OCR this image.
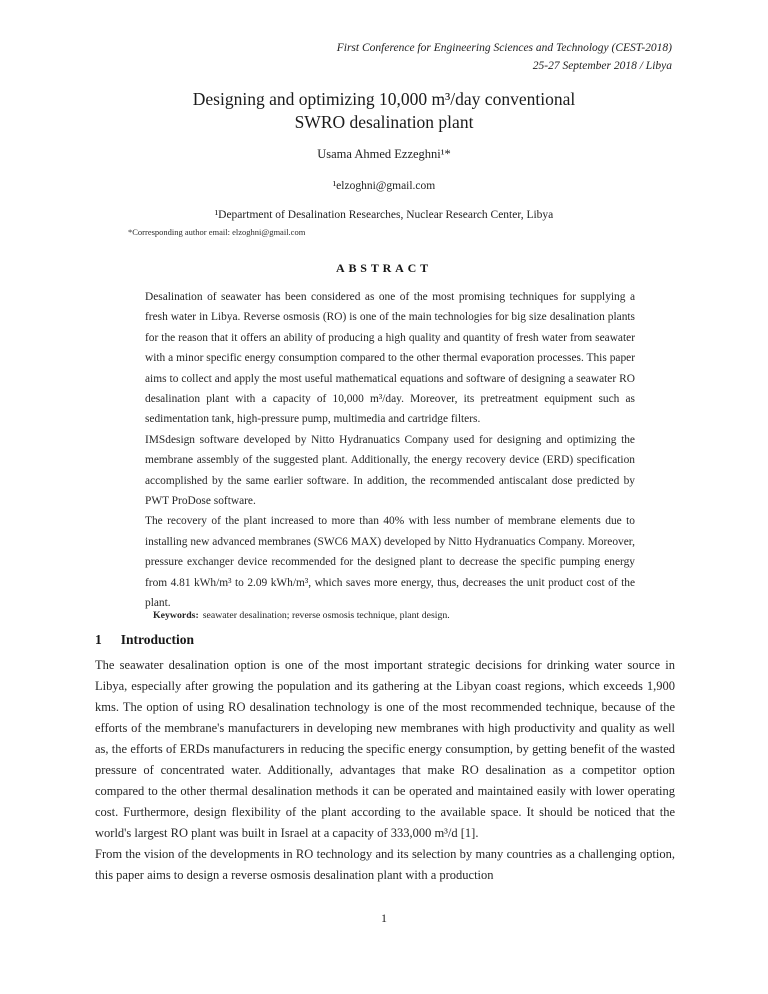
First Conference for Engineering Sciences and Technology (CEST-2018)
25-27 September 2018 / Libya
Designing and optimizing 10,000 m³/day conventional
SWRO desalination plant
Usama Ahmed Ezzeghni¹*
¹elzoghni@gmail.com
¹Department of Desalination Researches, Nuclear Research Center, Libya
*Corresponding author email: elzoghni@gmail.com
ABSTRACT

Desalination of seawater has been considered as one of the most promising techniques for supplying a fresh water in Libya. Reverse osmosis (RO) is one of the main technologies for big size desalination plants for the reason that it offers an ability of producing a high quality and quantity of fresh water from seawater with a minor specific energy consumption compared to the other thermal evaporation processes. This paper aims to collect and apply the most useful mathematical equations and software of designing a seawater RO desalination plant with a capacity of 10,000 m³/day. Moreover, its pretreatment equipment such as sedimentation tank, high-pressure pump, multimedia and cartridge filters.

IMSdesign software developed by Nitto Hydranuatics Company used for designing and optimizing the membrane assembly of the suggested plant. Additionally, the energy recovery device (ERD) specification accomplished by the same earlier software. In addition, the recommended antiscalant dose predicted by PWT ProDose software.

The recovery of the plant increased to more than 40% with less number of membrane elements due to installing new advanced membranes (SWC6 MAX) developed by Nitto Hydranuatics Company. Moreover, pressure exchanger device recommended for the designed plant to decrease the specific pumping energy from 4.81 kWh/m³ to 2.09 kWh/m³, which saves more energy, thus, decreases the unit product cost of the plant.

Keywords: seawater desalination; reverse osmosis technique, plant design.
1 Introduction

The seawater desalination option is one of the most important strategic decisions for drinking water source in Libya, especially after growing the population and its gathering at the Libyan coast regions, which exceeds 1,900 kms. The option of using RO desalination technology is one of the most recommended technique, because of the efforts of the membrane's manufacturers in developing new membranes with high productivity and quality as well as, the efforts of ERDs manufacturers in reducing the specific energy consumption, by getting benefit of the wasted pressure of concentrated water. Additionally, advantages that make RO desalination as a competitor option compared to the other thermal desalination methods it can be operated and maintained easily with lower operating cost. Furthermore, design flexibility of the plant according to the available space. It should be noticed that the world's largest RO plant was built in Israel at a capacity of 333,000 m³/d [1].

From the vision of the developments in RO technology and its selection by many countries as a challenging option, this paper aims to design a reverse osmosis desalination plant with a production

1
